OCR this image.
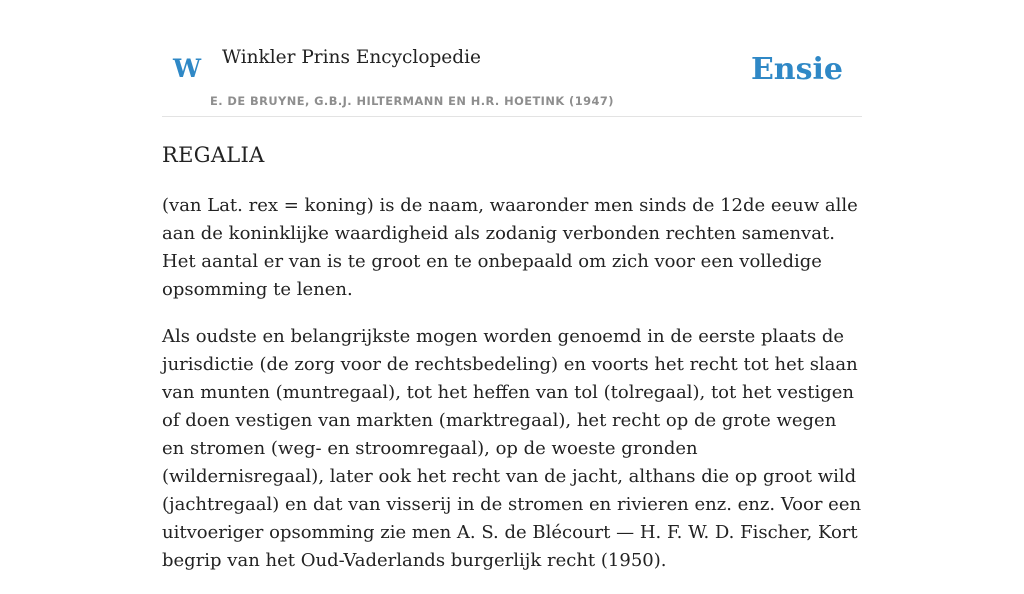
W Winkler Prins Encyclopedie
E. DE BRUYNE, G.B.J. HILTERMANN EN H.R. HOETINK (1947)
Ensie
REGALIA

(van Lat. rex = koning) is de naam, waaronder men sinds de 12de eeuw alle aan de koninklijke waardigheid als zodanig verbonden rechten samenvat. Het aantal er van is te groot en te onbepaald om zich voor een volledige opsomming te lenen.

Als oudste en belangrijkste mogen worden genoemd in de eerste plaats de jurisdictie (de zorg voor de rechtsbedeling) en voorts het recht tot het slaan van munten (muntregaal), tot het heffen van tol (tolregaal), tot het vestigen of doen vestigen van markten (marktregaal), het recht op de grote wegen en stromen (weg- en stroomregaal), op de woeste gronden (wildernisregaal), later ook het recht van de jacht, althans die op groot wild (jachtregaal) en dat van visserij in de stromen en rivieren enz. enz. Voor een uitvoeriger opsomming zie men A. S. de Blécourt — H. F. W. D. Fischer, Kort begrip van het Oud-Vaderlands burgerlijk recht (1950).
